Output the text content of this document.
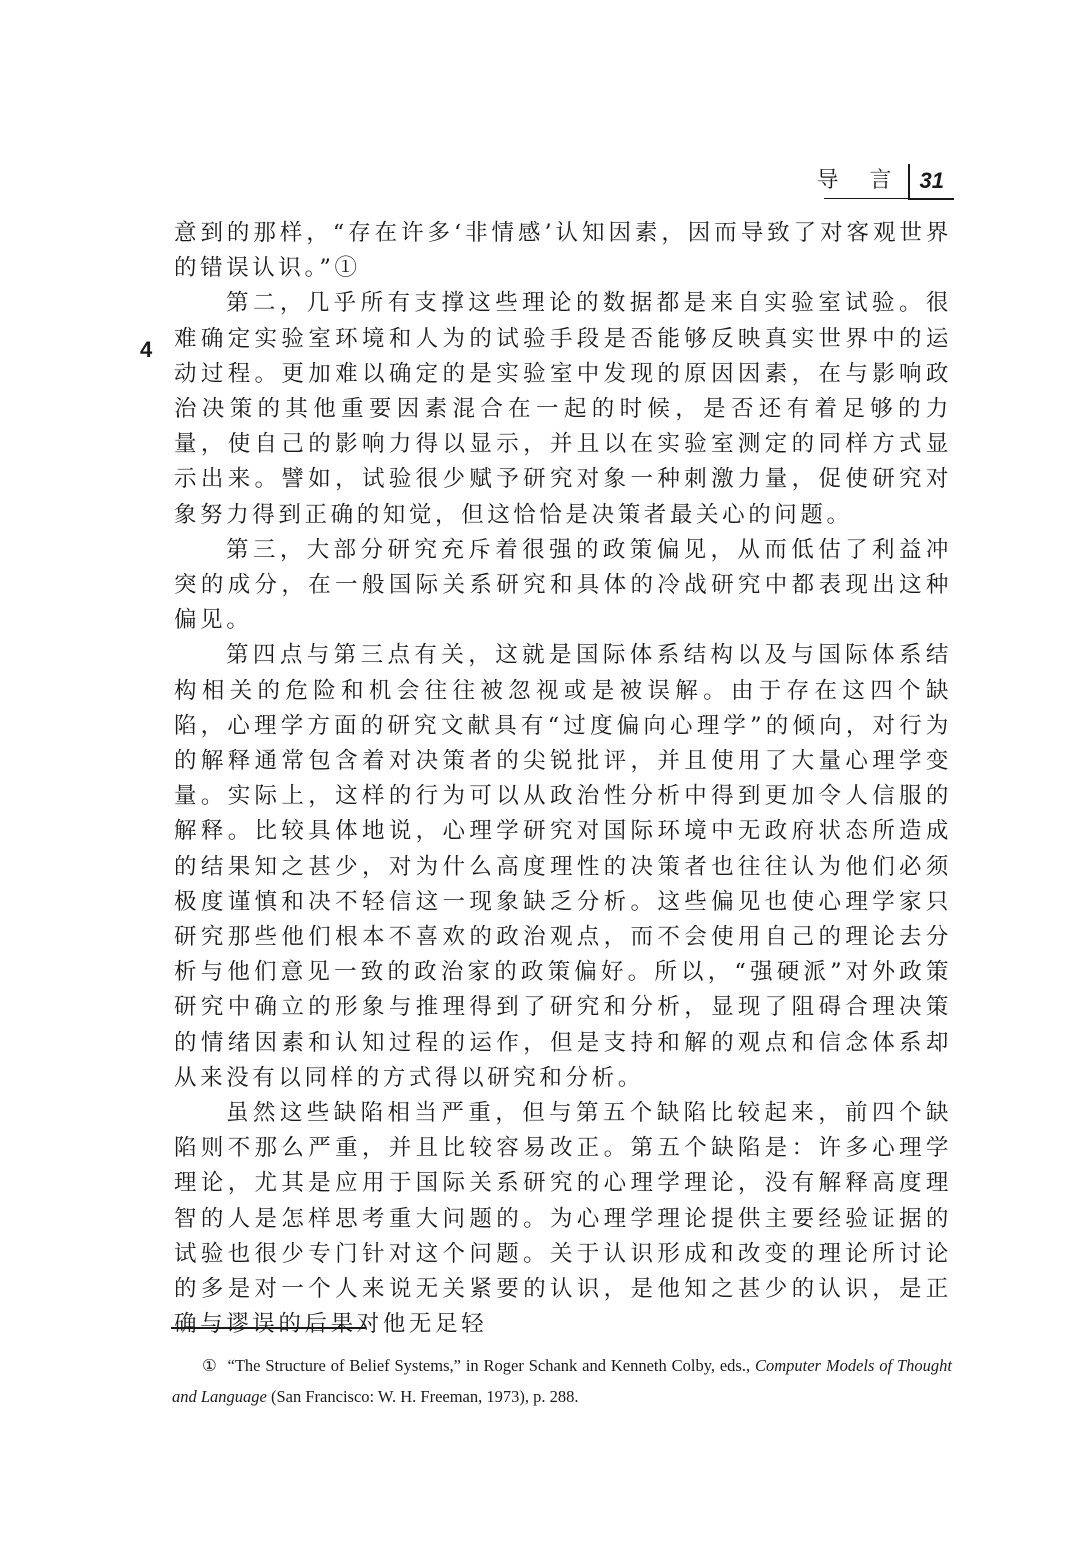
导 言 31
4

意到的那样，“存在许多‘非情感’认知因素，因而导致了对客观世界的错误认识。”①

第二，几乎所有支撑这些理论的数据都是来自实验室试验。很难确定实验室环境和人为的试验手段是否能够反映真实世界中的运动过程。更加难以确定的是实验室中发现的原因因素，在与影响政治决策的其他重要因素混合在一起的时候，是否还有着足够的力量，使自己的影响力得以显示，并且以在实验室测定的同样方式显示出来。譬如，试验很少赋予研究对象一种刺激力量，促使研究对象努力得到正确的知觉，但这恰恰是决策者最关心的问题。

第三，大部分研究充斥着很强的政策偏见，从而低估了利益冲突的成分，在一般国际关系研究和具体的冷战研究中都表现出这种偏见。

第四点与第三点有关，这就是国际体系结构以及与国际体系结构相关的危险和机会往往被忽视或是被误解。由于存在这四个缺陷，心理学方面的研究文献具有“过度偏向心理学”的倾向，对行为的解释通常包含着对决策者的尖锐批评，并且使用了大量心理学变量。实际上，这样的行为可以从政治性分析中得到更加令人信服的解释。比较具体地说，心理学研究对国际环境中无政府状态所造成的结果知之甚少，对为什么高度理性的决策者也往往认为他们必须极度谨慎和决不轻信这一现象缺乏分析。这些偏见也使心理学家只研究那些他们根本不喜欢的政治观点，而不会使用自己的理论去分析与他们意见一致的政治家的政策偏好。所以，“强硬派”对外政策研究中确立的形象与推理得到了研究和分析，显现了阻碍合理决策的情绪因素和认知过程的运作，但是支持和解的观点和信念体系却从来没有以同样的方式得以研究和分析。

虽然这些缺陷相当严重，但与第五个缺陷比较起来，前四个缺陷则不那么严重，并且比较容易改正。第五个缺陷是：许多心理学理论，尤其是应用于国际关系研究的心理学理论，没有解释高度理智的人是怎样思考重大问题的。为心理学理论提供主要经验证据的试验也很少专门针对这个问题。关于认识形成和改变的理论所讨论的多是对一个人来说无关紧要的认识，是他知之甚少的认识，是正确与谬误的后果对他无足轻

① “The Structure of Belief Systems,” in Roger Schank and Kenneth Colby, eds., Computer Models of Thought and Language (San Francisco: W. H. Freeman, 1973), p. 288.
